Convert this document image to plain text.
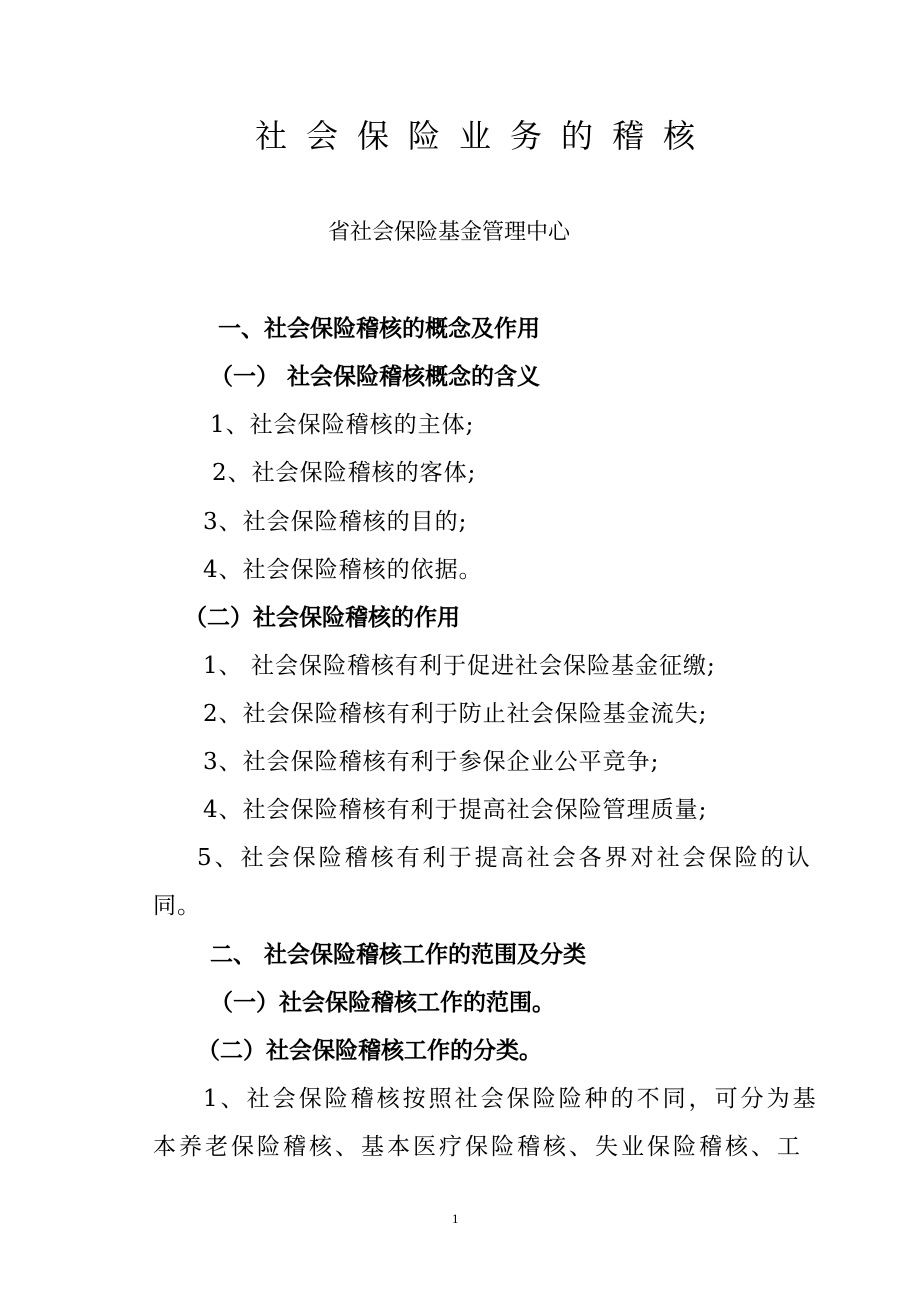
社会保险业务的稽核
省社会保险基金管理中心
一、社会保险稽核的概念及作用
（一） 社会保险稽核概念的含义
1、社会保险稽核的主体;
2、社会保险稽核的客体;
3、社会保险稽核的目的;
4、社会保险稽核的依据。
（二）社会保险稽核的作用
1、 社会保险稽核有利于促进社会保险基金征缴;
2、社会保险稽核有利于防止社会保险基金流失;
3、社会保险稽核有利于参保企业公平竞争;
4、社会保险稽核有利于提高社会保险管理质量;
5、社会保险稽核有利于提高社会各界对社会保险的认
同。
二、 社会保险稽核工作的范围及分类
（一）社会保险稽核工作的范围。
（二）社会保险稽核工作的分类。
1、社会保险稽核按照社会保险险种的不同，可分为基
本养老保险稽核、基本医疗保险稽核、失业保险稽核、工
1
